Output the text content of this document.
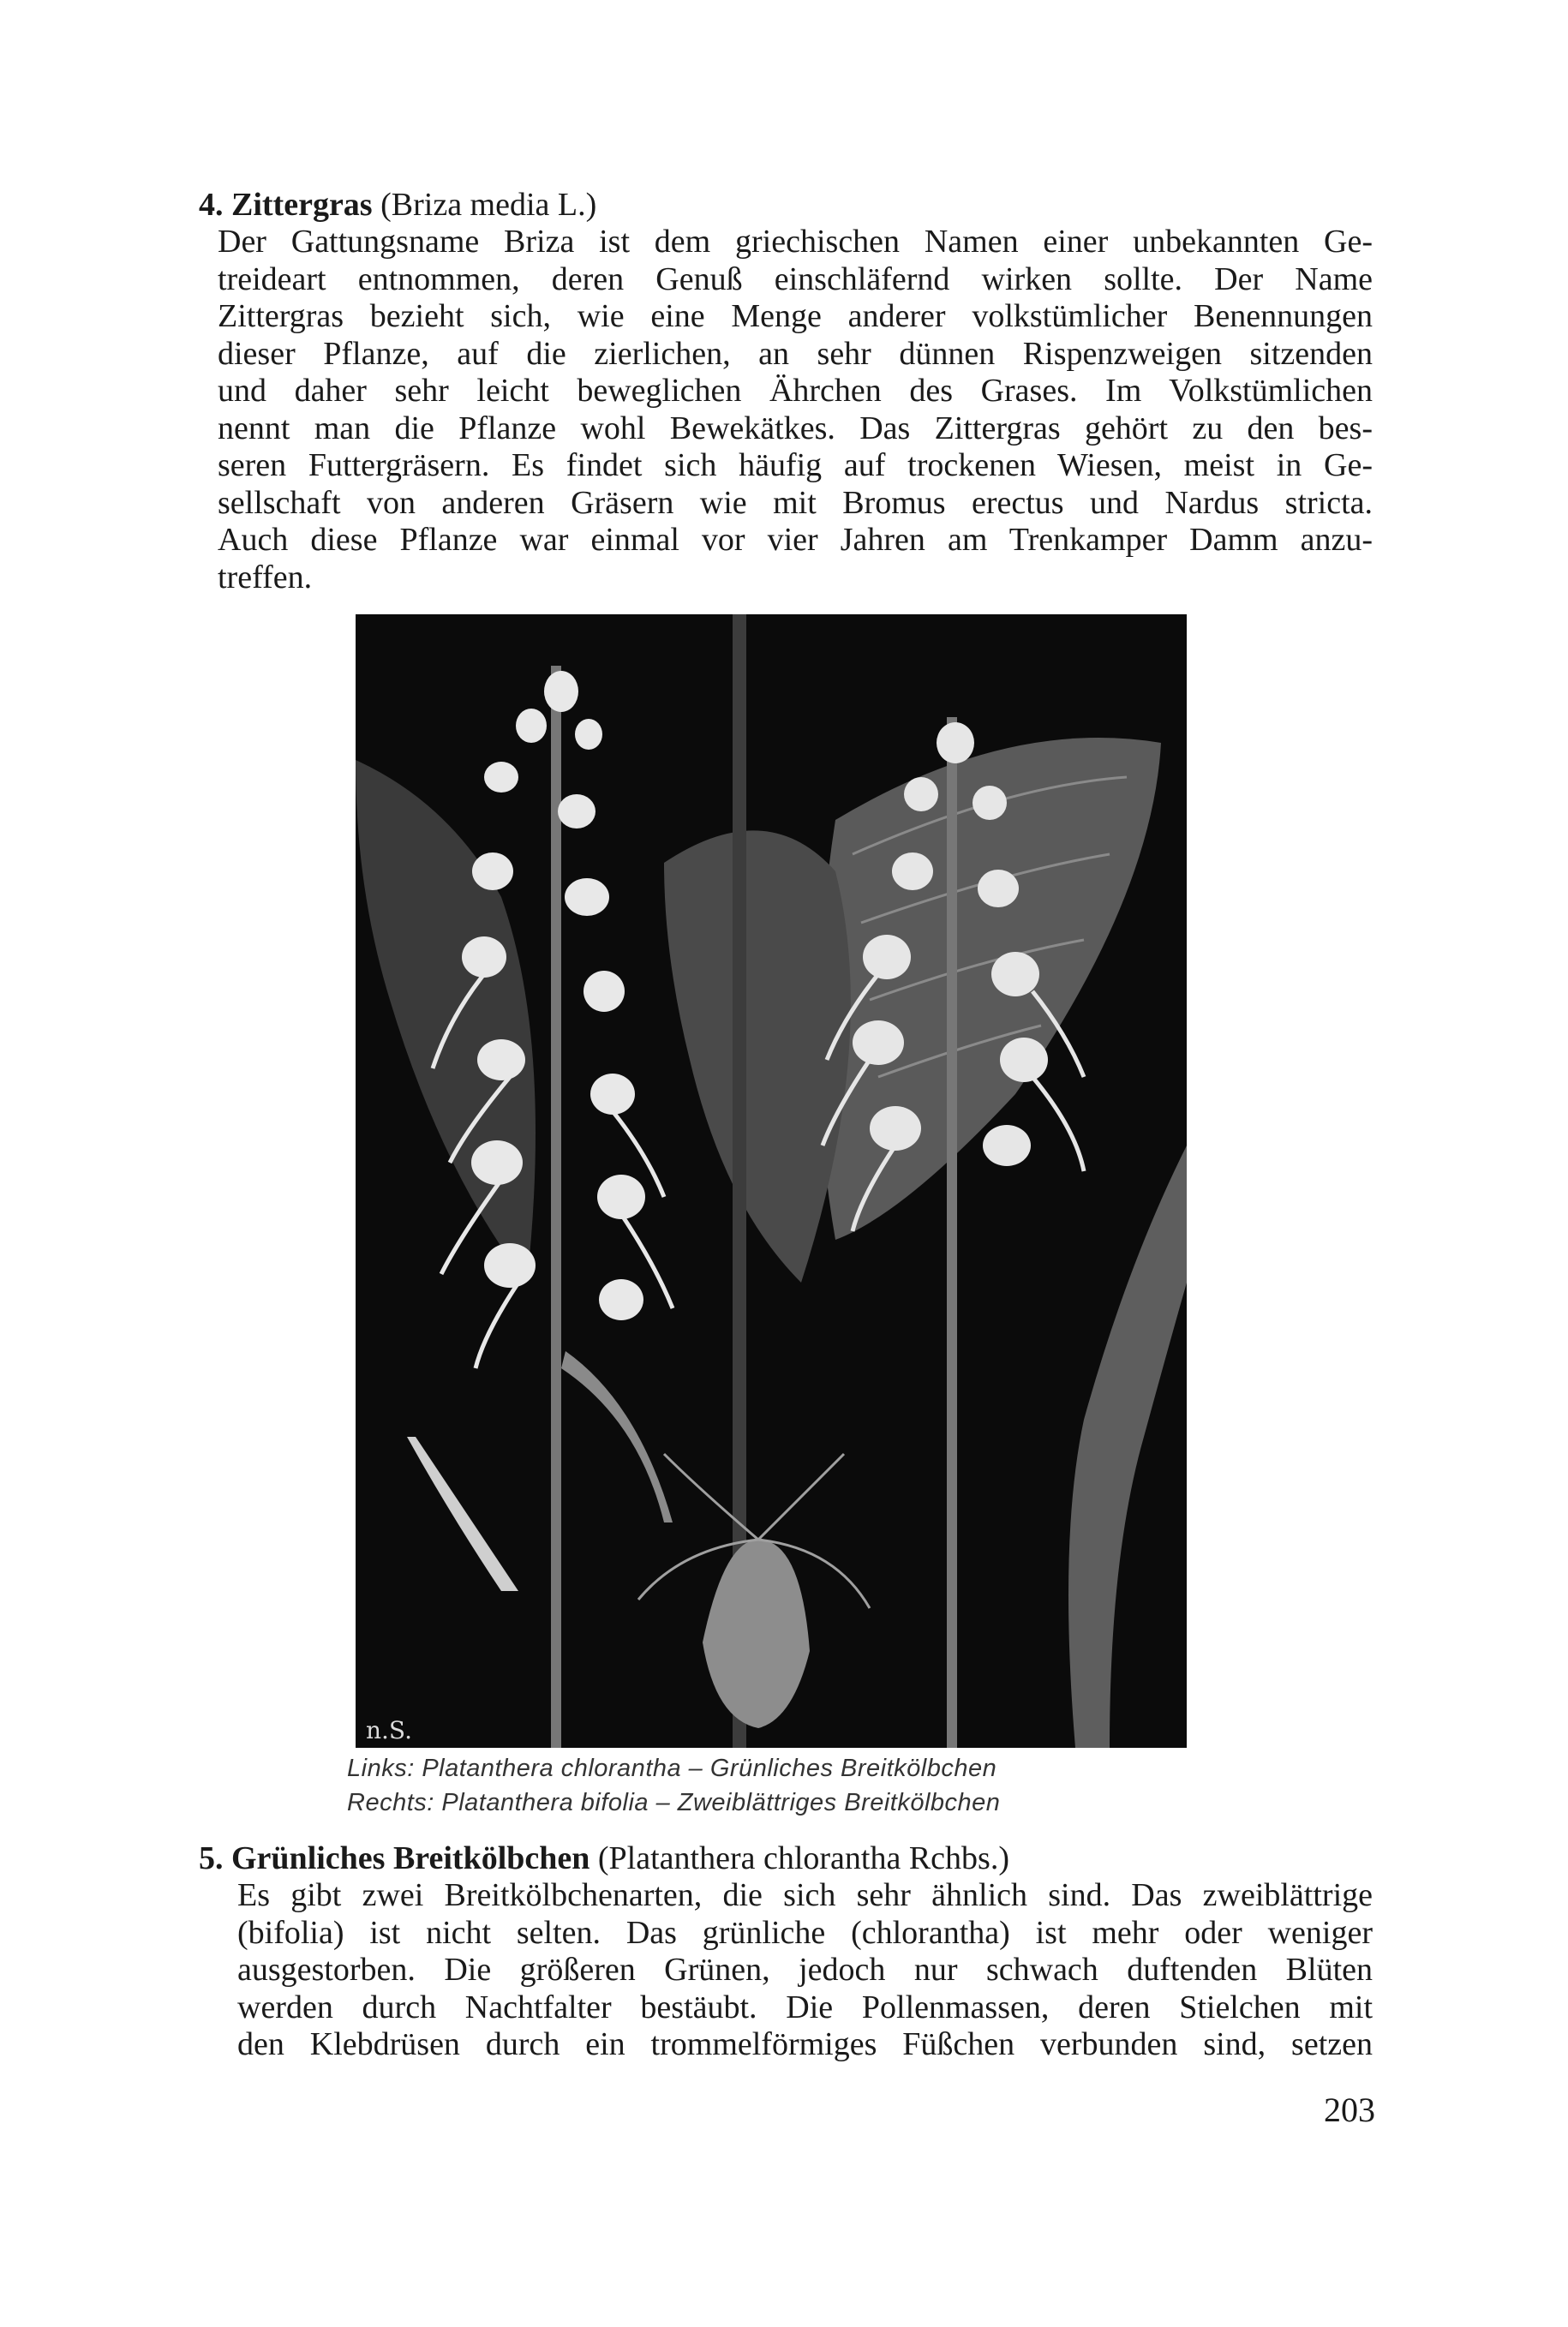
4. Zittergras (Briza media L.)

Der Gattungsname Briza ist dem griechischen Namen einer unbekannten Ge-
treideart entnommen, deren Genuß einschläfernd wirken sollte. Der Name
Zittergras bezieht sich, wie eine Menge anderer volkstümlicher Benennungen
dieser Pflanze, auf die zierlichen, an sehr dünnen Rispenzweigen sitzenden
und daher sehr leicht beweglichen Ährchen des Grases. Im Volkstümlichen
nennt man die Pflanze wohl Bewekätkes. Das Zittergras gehört zu den bes-
seren Futtergräsern. Es findet sich häufig auf trockenen Wiesen, meist in Ge-
sellschaft von anderen Gräsern wie mit Bromus erectus und Nardus stricta.
Auch diese Pflanze war einmal vor vier Jahren am Trenkamper Damm anzu-
treffen.
n.S.
Links: Platanthera chlorantha – Grünliches Breitkölbchen
Rechts: Platanthera bifolia – Zweiblättriges Breitkölbchen

5. Grünliches Breitkölbchen (Platanthera chlorantha Rchbs.)

Es gibt zwei Breitkölbchenarten, die sich sehr ähnlich sind. Das zweiblättrige
(bifolia) ist nicht selten. Das grünliche (chlorantha) ist mehr oder weniger
ausgestorben. Die größeren Grünen, jedoch nur schwach duftenden Blüten
werden durch Nachtfalter bestäubt. Die Pollenmassen, deren Stielchen mit
den Klebdrüsen durch ein trommelförmiges Füßchen verbunden sind, setzen
203
